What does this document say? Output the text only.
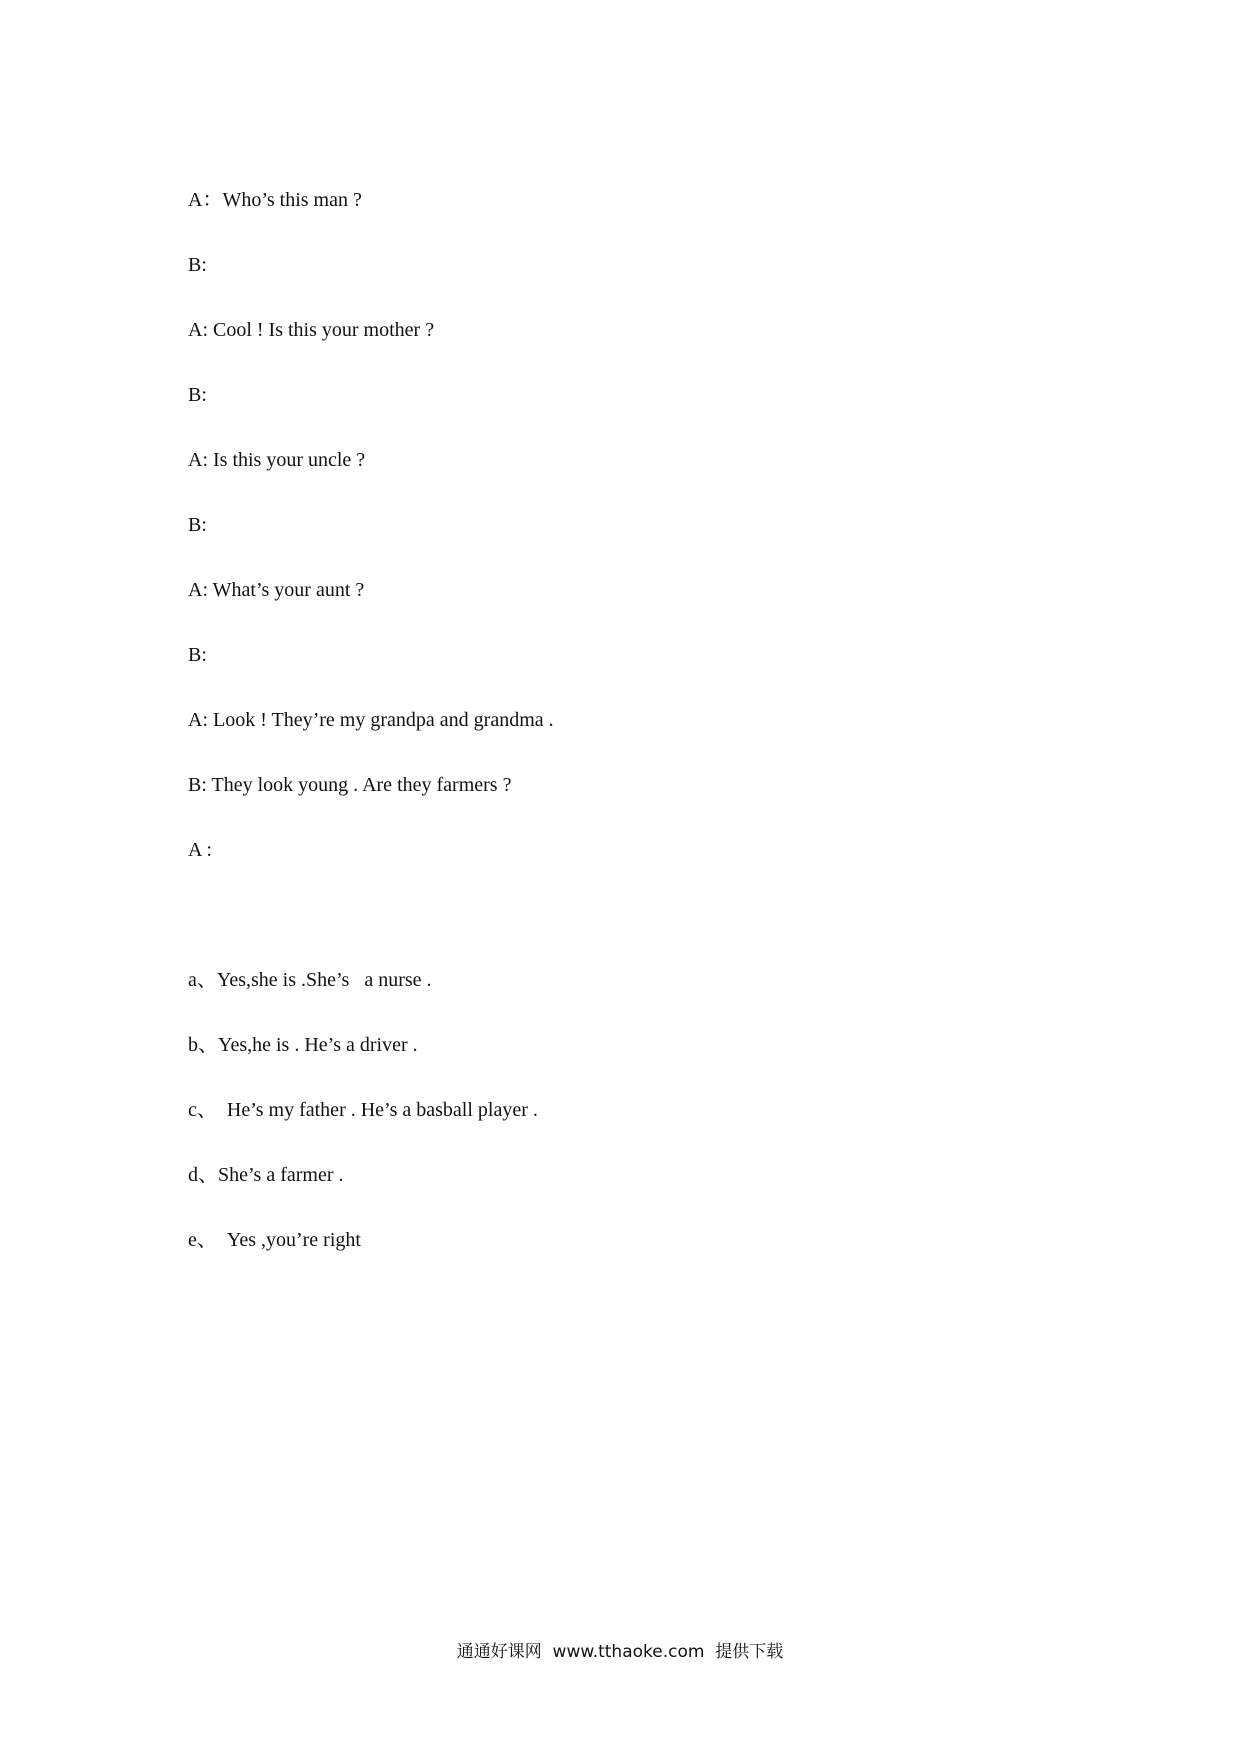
A：Who’s this man ?
B:
A: Cool ! Is this your mother ?
B:
A: Is this your uncle ?
B:
A: What’s your aunt ?
B:
A: Look ! They’re my grandpa and grandma .
B: They look young . Are they farmers ?
A :
a、Yes,she is .She’s   a nurse .
b、Yes,he is . He’s a driver .
c、  He’s my father . He’s a basball player .
d、She’s a farmer .
e、  Yes ,you’re right
通通好课网  www.tthaoke.com  提供下载
